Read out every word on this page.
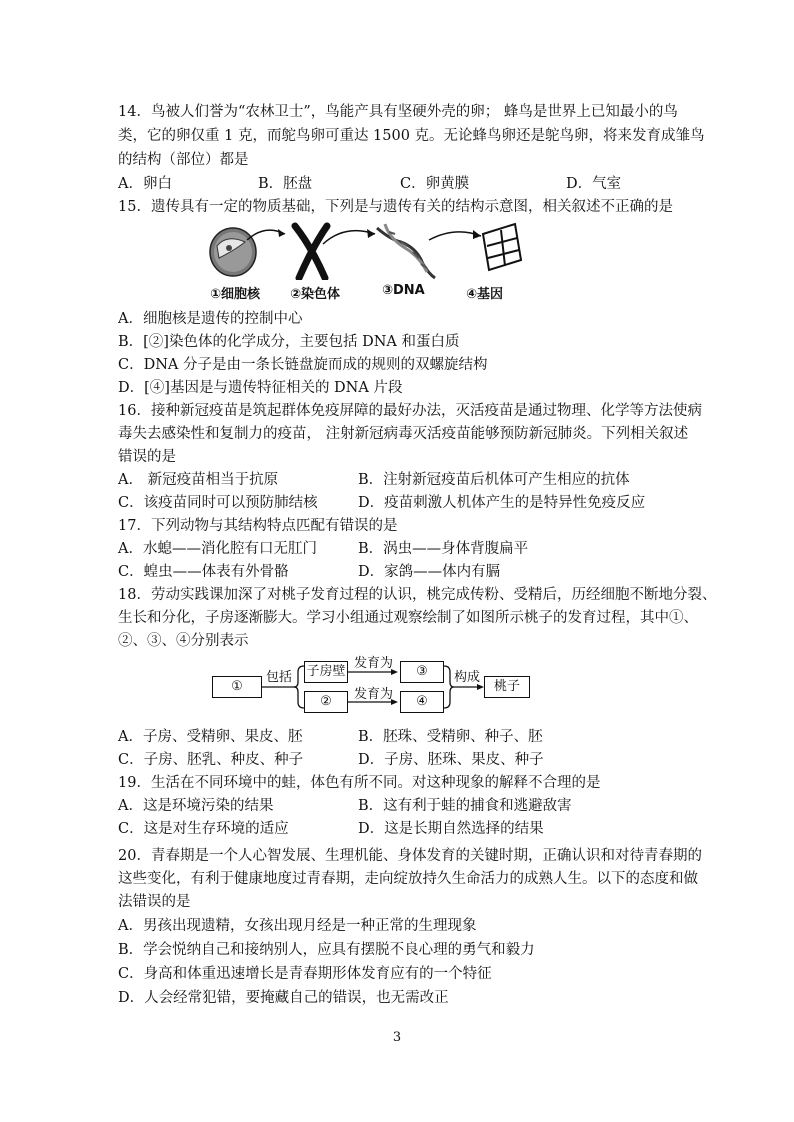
14．鸟被人们誉为“农林卫士”，鸟能产具有坚硬外壳的卵； 蜂鸟是世界上已知最小的鸟
类，它的卵仅重 1 克，而鸵鸟卵可重达 1500 克。无论蜂鸟卵还是鸵鸟卵，将来发育成雏鸟
的结构（部位）都是
A．卵白	B．胚盘	C．卵黄膜	D．气室
15．遗传具有一定的物质基础，下列是与遗传有关的结构示意图，相关叙述不正确的是
①细胞核 ②染色体	③DNA	④基因
A．细胞核是遗传的控制中心
B．[②]染色体的化学成分，主要包括 DNA 和蛋白质
C．DNA 分子是由一条长链盘旋而成的规则的双螺旋结构
D．[④]基因是与遗传特征相关的 DNA 片段
16．接种新冠疫苗是筑起群体免疫屏障的最好办法，灭活疫苗是通过物理、化学等方法使病
毒失去感染性和复制力的疫苗， 注射新冠病毒灭活疫苗能够预防新冠肺炎。下列相关叙述
错误的是
A． 新冠疫苗相当于抗原	B．注射新冠疫苗后机体可产生相应的抗体
C．该疫苗同时可以预防肺结核	D．疫苗刺激人机体产生的是特异性免疫反应
17．下列动物与其结构特点匹配有错误的是
A．水螅——消化腔有口无肛门	B．涡虫——身体背腹扁平
C．蝗虫——体表有外骨骼	D．家鸽——体内有膈
18．劳动实践课加深了对桃子发育过程的认识，桃完成传粉、受精后，历经细胞不断地分裂、
生长和分化，子房逐渐膨大。学习小组通过观察绘制了如图所示桃子的发育过程，其中①、
②、③、④分别表示
①
包括 子房壁
②
发育为
发育为
③
④
构成
桃子
A．子房、受精卵、果皮、胚	B．胚珠、受精卵、种子、胚
C．子房、胚乳、种皮、种子	D．子房、胚珠、果皮、种子
19．生活在不同环境中的蛙，体色有所不同。对这种现象的解释不合理的是
A．这是环境污染的结果	B．这有利于蛙的捕食和逃避敌害
C．这是对生存环境的适应	D．这是长期自然选择的结果
20．青春期是一个人心智发展、生理机能、身体发育的关键时期，正确认识和对待青春期的
这些变化，有利于健康地度过青春期，走向绽放持久生命活力的成熟人生。以下的态度和做
法错误的是
A．男孩出现遗精，女孩出现月经是一种正常的生理现象
B．学会悦纳自己和接纳别人，应具有摆脱不良心理的勇气和毅力
C．身高和体重迅速增长是青春期形体发育应有的一个特征
D．人会经常犯错，要掩藏自己的错误，也无需改正
3
